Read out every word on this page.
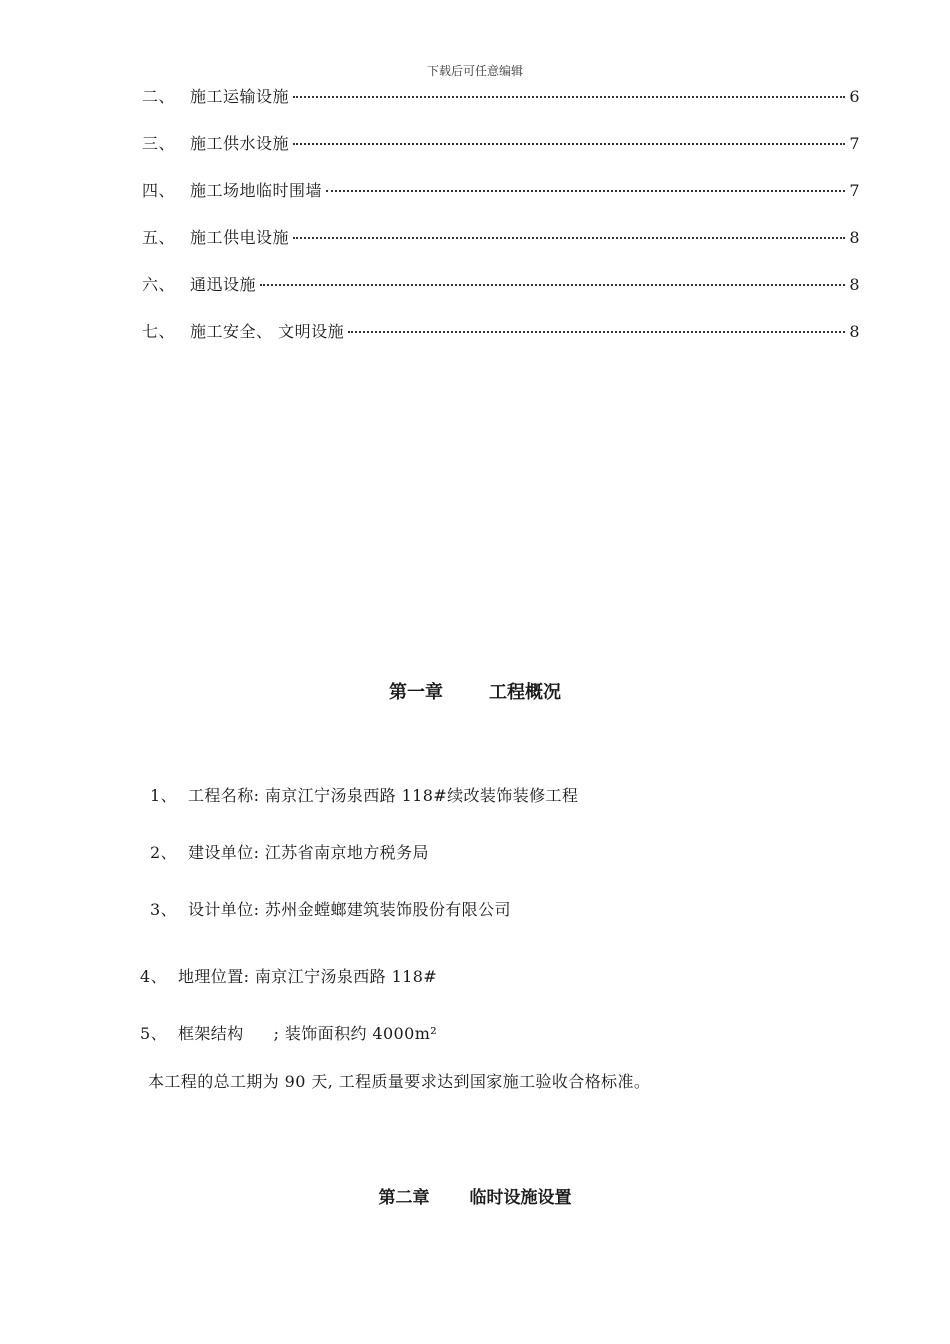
下载后可任意编辑
二、 施工运输设施	6
三、 施工供水设施	7
四、 施工场地临时围墙	7
五、 施工供电设施	8
六、 通迅设施	8
七、 施工安全、 文明设施	8
第一章	工程概况
1、 工程名称: 南京江宁汤泉西路 118#续改装饰装修工程
2、 建设单位: 江苏省南京地方税务局
3、 设计单位: 苏州金螳螂建筑装饰股份有限公司
4、 地理位置: 南京江宁汤泉西路 118#
5、 框架结构 ; 装饰面积约 4000m²
本工程的总工期为 90 天, 工程质量要求达到国家施工验收合格标准。
第二章 临时设施设置
